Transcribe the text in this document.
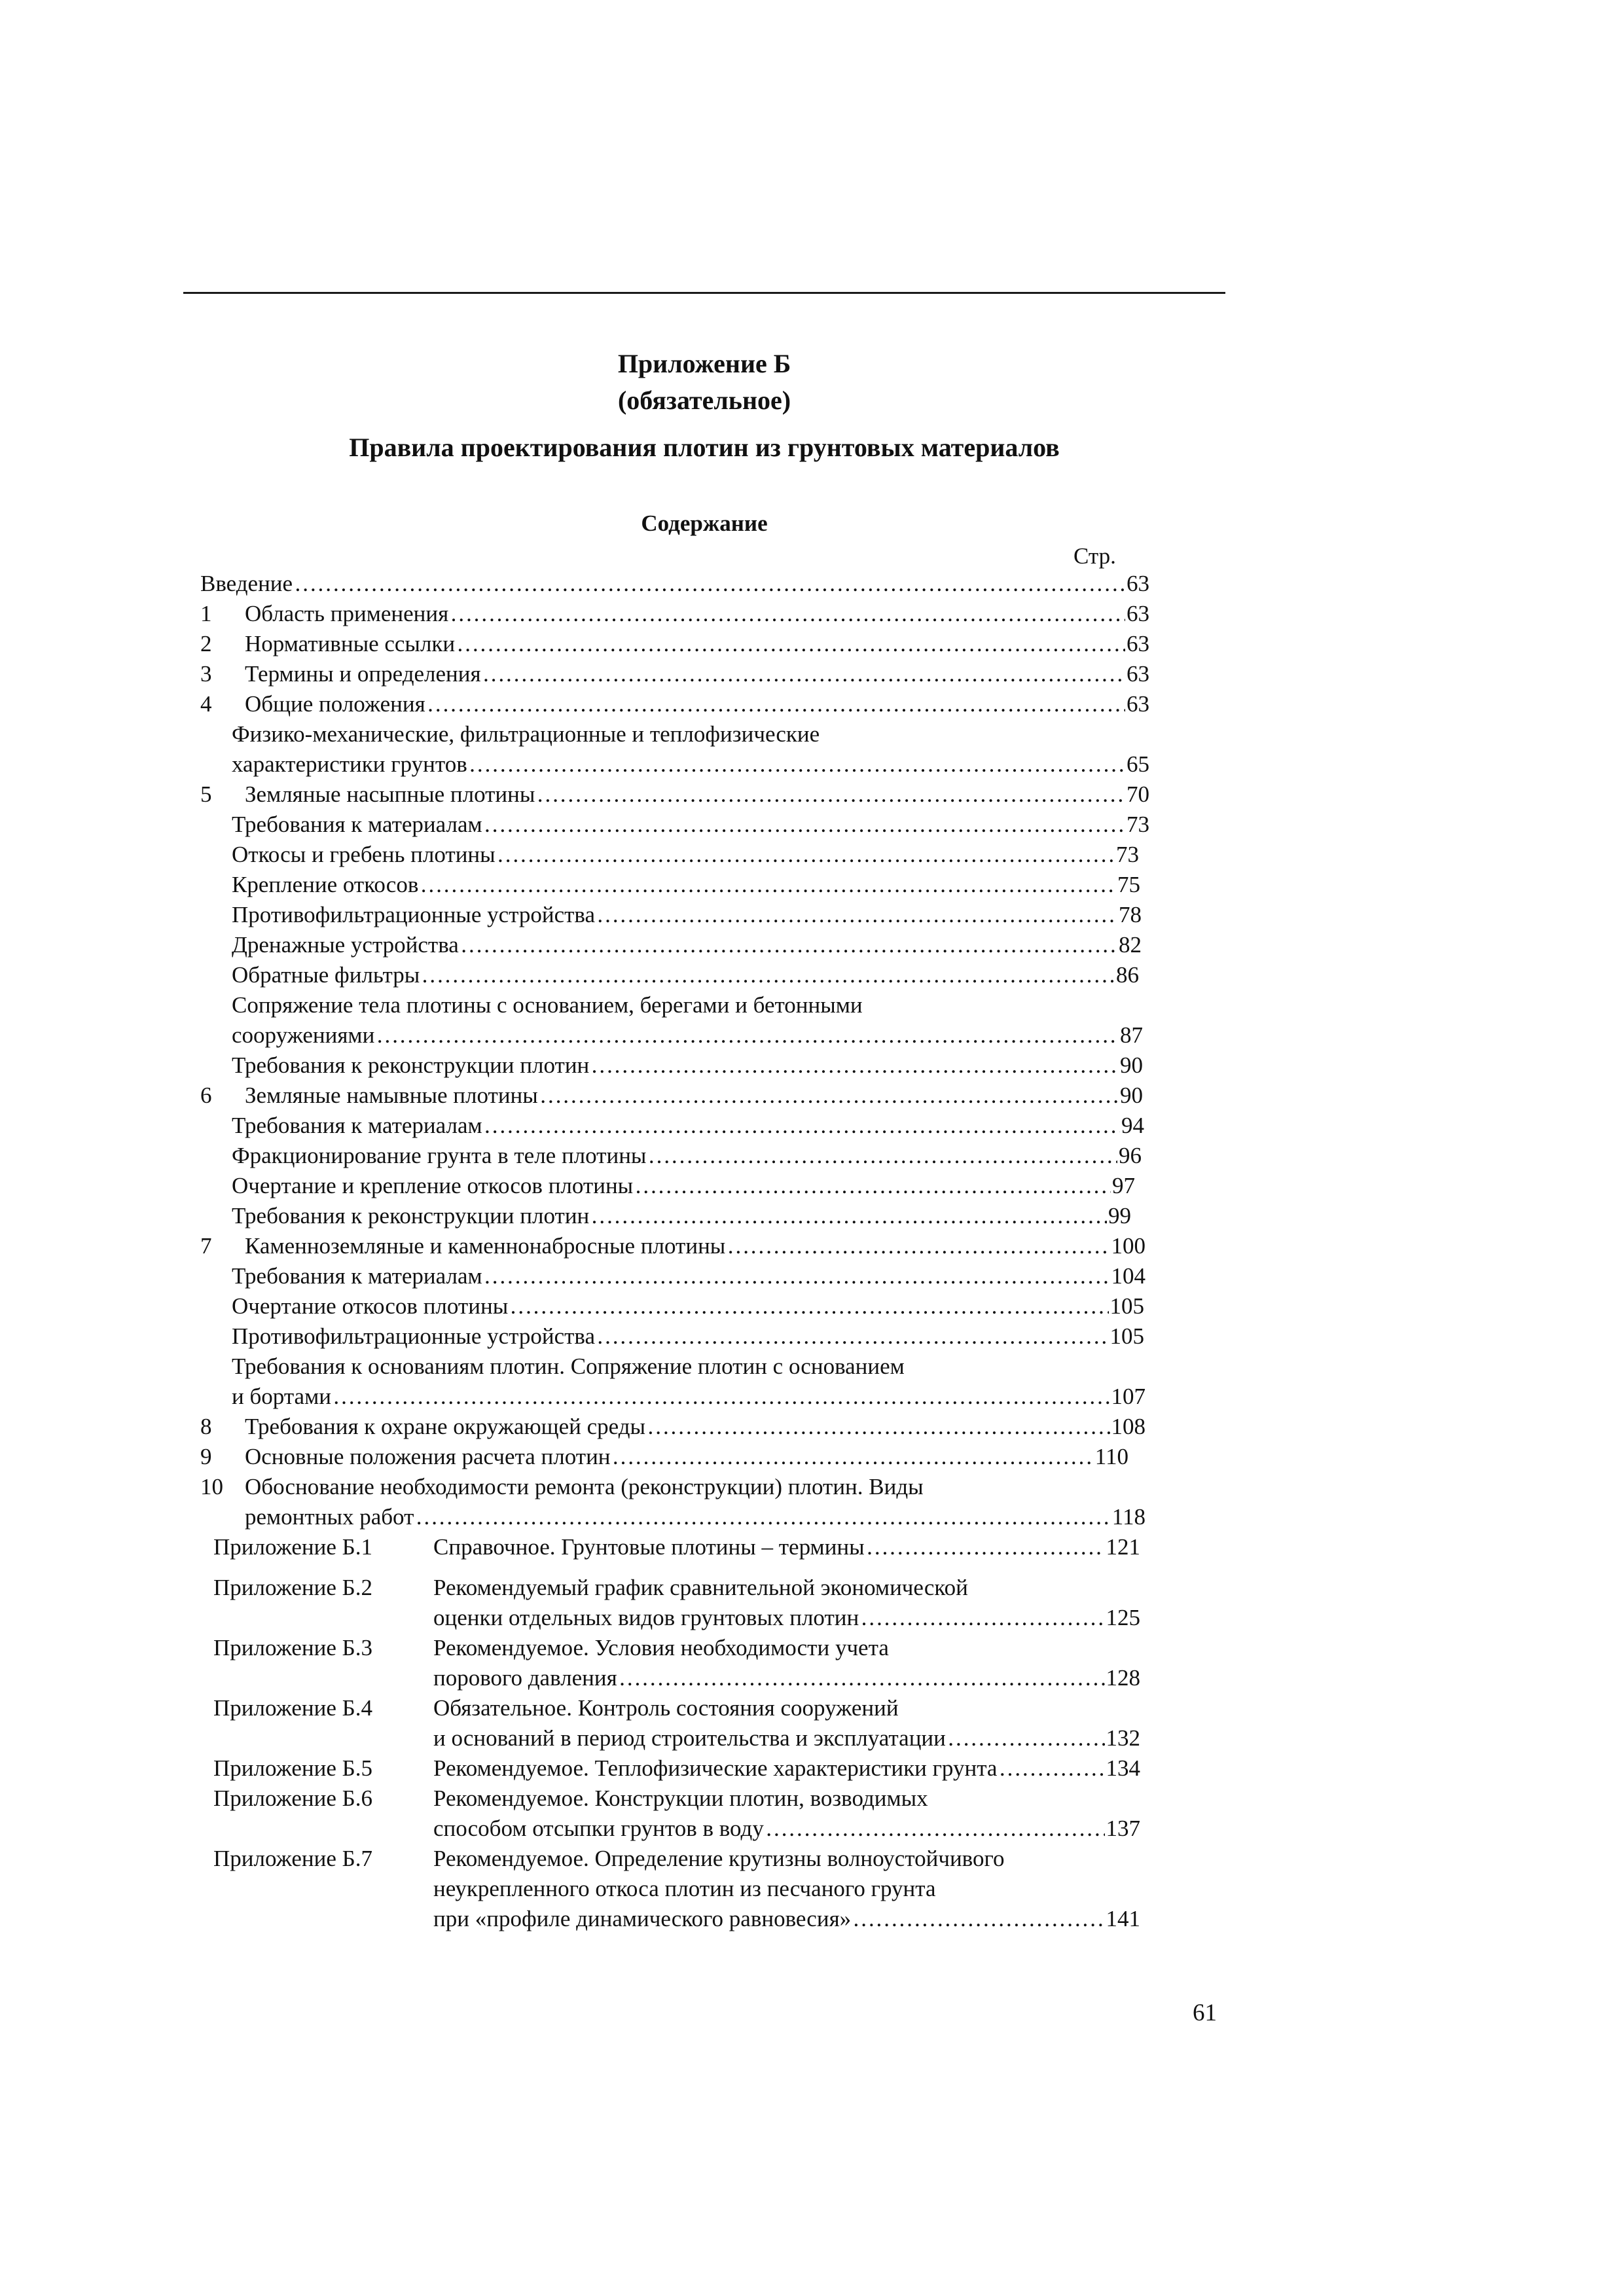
Приложение Б
(обязательное)
Правила проектирования плотин из грунтовых материалов
Содержание
Стр.
Введение …………………………………………………………………………………………………………………………………………………………………………	63
1 Область применения …………………………………………………………………………………………………………………………………………………………………………	63
2 Нормативные ссылки …………………………………………………………………………………………………………………………………………………………………………	63
3 Термины и определения …………………………………………………………………………………………………………………………………………………………………………	63
4 Общие положения …………………………………………………………………………………………………………………………………………………………………………	63
Физико-механические, фильтрационные и теплофизические
характеристики грунтов …………………………………………………………………………………………………………………………………………………………………………	65
5 Земляные насыпные плотины …………………………………………………………………………………………………………………………………………………………………………	70
Требования к материалам …………………………………………………………………………………………………………………………………………………………………………	73
Откосы и гребень плотины …………………………………………………………………………………………………………………………………………………………………………	73
Крепление откосов …………………………………………………………………………………………………………………………………………………………………………	75
Противофильтрационные устройства …………………………………………………………………………………………………………………………………………………………………………	78
Дренажные устройства …………………………………………………………………………………………………………………………………………………………………………	82
Обратные фильтры …………………………………………………………………………………………………………………………………………………………………………	86
Сопряжение тела плотины с основанием, берегами и бетонными
сооружениями …………………………………………………………………………………………………………………………………………………………………………	87
Требования к реконструкции плотин …………………………………………………………………………………………………………………………………………………………………………	90
6 Земляные намывные плотины …………………………………………………………………………………………………………………………………………………………………………	90
Требования к материалам …………………………………………………………………………………………………………………………………………………………………………	94
Фракционирование грунта в теле плотины …………………………………………………………………………………………………………………………………………………………………………	96
Очертание и крепление откосов плотины …………………………………………………………………………………………………………………………………………………………………………	97
Требования к реконструкции плотин …………………………………………………………………………………………………………………………………………………………………………	99
7 Каменноземляные и каменнонабросные плотины …………………………………………………………………………………………………………………………………………………………………………	100
Требования к материалам …………………………………………………………………………………………………………………………………………………………………………	104
Очертание откосов плотины …………………………………………………………………………………………………………………………………………………………………………	105
Противофильтрационные устройства …………………………………………………………………………………………………………………………………………………………………………	105
Требования к основаниям плотин. Сопряжение плотин с основанием
и бортами …………………………………………………………………………………………………………………………………………………………………………	107
8 Требования к охране окружающей среды …………………………………………………………………………………………………………………………………………………………………………	108
9 Основные положения расчета плотин …………………………………………………………………………………………………………………………………………………………………………	110
10 Обоснование необходимости ремонта (реконструкции) плотин. Виды
ремонтных работ …………………………………………………………………………………………………………………………………………………………………………	118
Приложение Б.1	Справочное. Грунтовые плотины – термины …………………………………………………………………………………………………………………………………………………………………………	121
Приложение Б.2	Рекомендуемый график сравнительной экономической
оценки отдельных видов грунтовых плотин …………………………………………………………………………………………………………………………………………………………………………	125
Приложение Б.3	Рекомендуемое. Условия необходимости учета
порового давления …………………………………………………………………………………………………………………………………………………………………………	128
Приложение Б.4	Обязательное. Контроль состояния сооружений
и оснований в период строительства и эксплуатации …………………………………………………………………………………………………………………………………………………………………………	132
Приложение Б.5	Рекомендуемое. Теплофизические характеристики грунта …………………………………………………………………………………………………………………………………………………………………………	134
Приложение Б.6	Рекомендуемое. Конструкции плотин, возводимых
способом отсыпки грунтов в воду …………………………………………………………………………………………………………………………………………………………………………	137
Приложение Б.7	Рекомендуемое. Определение крутизны волноустойчивого
неукрепленного откоса плотин из песчаного грунта
при «профиле динамического равновесия» …………………………………………………………………………………………………………………………………………………………………………	141
61
